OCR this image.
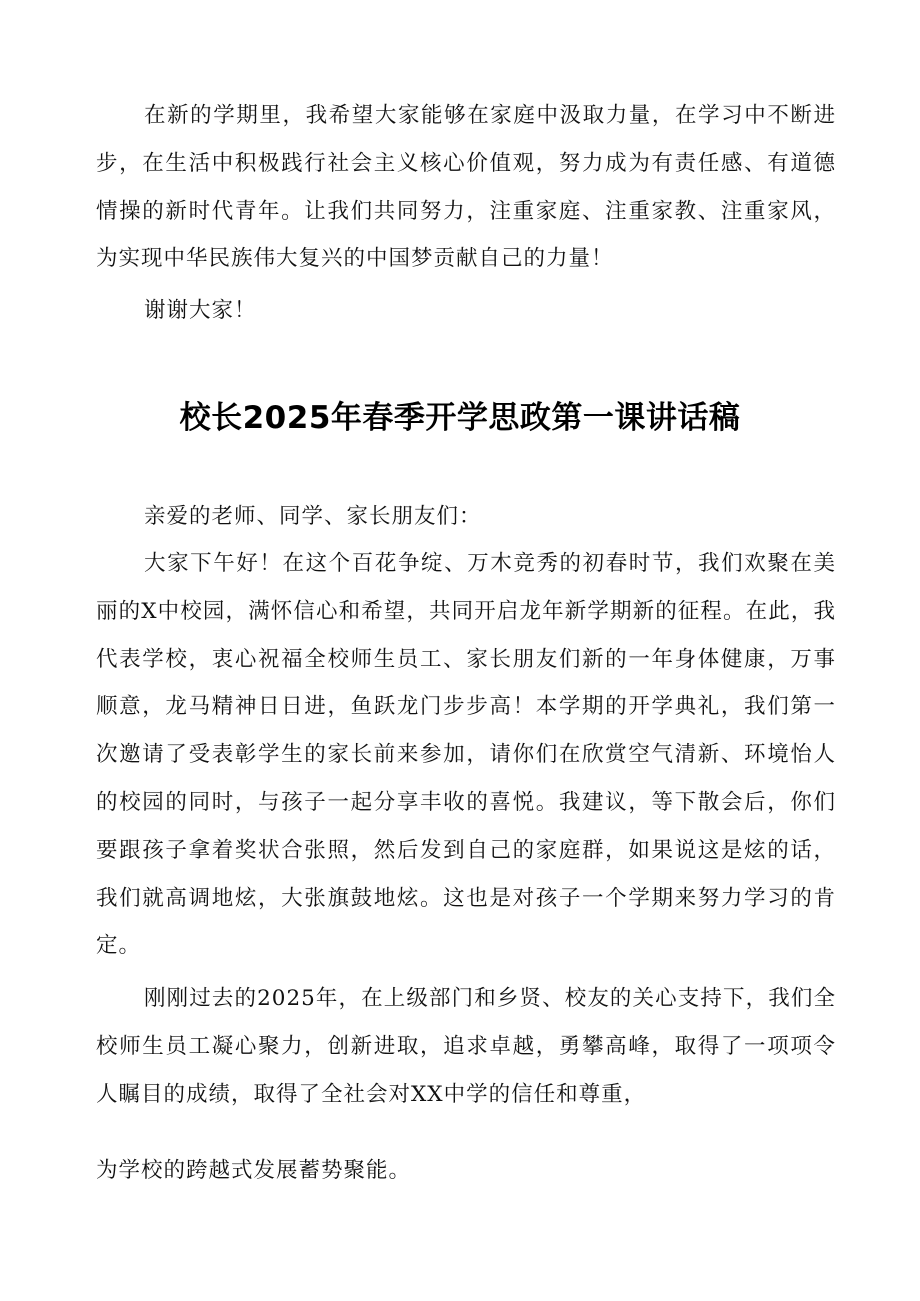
在新的学期里，我希望大家能够在家庭中汲取力量，在学习中不断进步，在生活中积极践行社会主义核心价值观，努力成为有责任感、有道德情操的新时代青年。让我们共同努力，注重家庭、注重家教、注重家风，为实现中华民族伟大复兴的中国梦贡献自己的力量！

谢谢大家！

校长2025年春季开学思政第一课讲话稿

亲爱的老师、同学、家长朋友们：

大家下午好！在这个百花争绽、万木竞秀的初春时节，我们欢聚在美丽的X中校园，满怀信心和希望，共同开启龙年新学期新的征程。在此，我代表学校，衷心祝福全校师生员工、家长朋友们新的一年身体健康，万事顺意，龙马精神日日进，鱼跃龙门步步高！本学期的开学典礼，我们第一次邀请了受表彰学生的家长前来参加，请你们在欣赏空气清新、环境怡人的校园的同时，与孩子一起分享丰收的喜悦。我建议，等下散会后，你们要跟孩子拿着奖状合张照，然后发到自己的家庭群，如果说这是炫的话，我们就高调地炫，大张旗鼓地炫。这也是对孩子一个学期来努力学习的肯定。

刚刚过去的2025年，在上级部门和乡贤、校友的关心支持下，我们全校师生员工凝心聚力，创新进取，追求卓越，勇攀高峰，取得了一项项令人瞩目的成绩，取得了全社会对XX中学的信任和尊重，

为学校的跨越式发展蓄势聚能。
